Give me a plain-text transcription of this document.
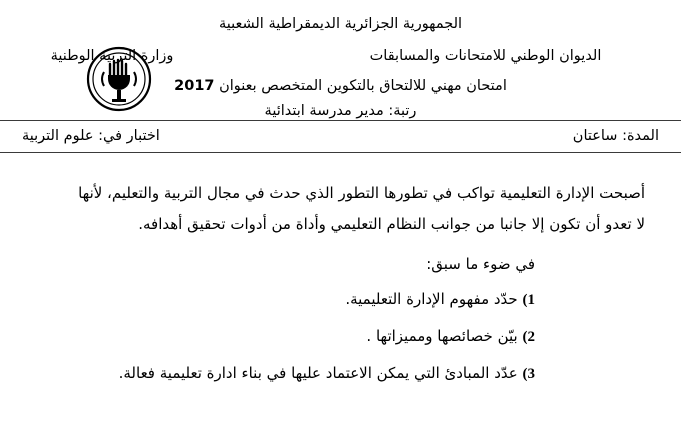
الجمهورية الجزائرية الديمقراطية الشعبية
وزارة التربية الوطنية	الديوان الوطني للامتحانات والمسابقات
امتحان مهني للالتحاق بالتكوين المتخصص بعنوان 2017
رتبة: مدير مدرسة ابتدائية
اختبار في: علوم التربية	المدة: ساعتان

أصبحت الإدارة التعليمية تواكب في تطورها التطور الذي حدث في مجال التربية والتعليم، لأنها

لا تعدو أن تكون إلا جانبا من جوانب النظام التعليمي وأداة من أدوات تحقيق أهدافه.

في ضوء ما سبق:
1) حدّد مفهوم الإدارة التعليمية.
2) بيّن خصائصها ومميزاتها .
3) عدّد المبادئ التي يمكن الاعتماد عليها في بناء ادارة تعليمية فعالة.
